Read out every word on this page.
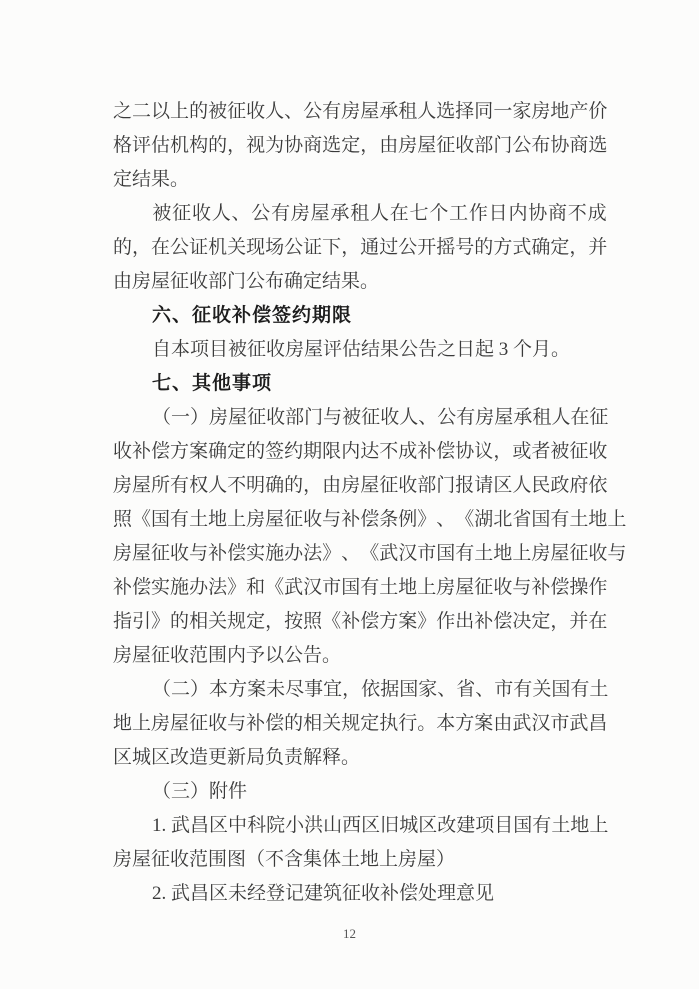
之 二 以 上 的 被 征 收 人 、 公 有 房 屋 承 租 人 选 择 同 一 家 房 地 产 价
格 评 估 机 构 的 ， 视 为 协 商 选 定 ， 由 房 屋 征 收 部 门 公 布 协 商 选
定结果。
被 征 收 人 、 公 有 房 屋 承 租 人 在 七 个 工 作 日 内 协 商 不 成
的 ， 在 公 证 机 关 现 场 公 证 下 ， 通 过 公 开 摇 号 的 方 式 确 定 ， 并
由房屋征收部门公布确定结果。
六、征收补偿签约期限
自本项目被征收房屋评估结果公告之日起 3 个月。
七、其他事项
（ 一 ） 房 屋 征 收 部 门 与 被 征 收 人 、 公 有 房 屋 承 租 人 在 征
收 补 偿 方 案 确 定 的 签 约 期 限 内 达 不 成 补 偿 协 议 ， 或 者 被 征 收
房 屋 所 有 权 人 不 明 确 的 ， 由 房 屋 征 收 部 门 报 请 区 人 民 政 府 依
照 《 国 有 土 地 上 房 屋 征 收 与 补 偿 条 例 》 、 《 湖 北 省 国 有 土 地 上
房 屋 征 收 与 补 偿 实 施 办 法 》 、 《 武 汉 市 国 有 土 地 上 房 屋 征 收 与
补 偿 实 施 办 法 》 和 《 武 汉 市 国 有 土 地 上 房 屋 征 收 与 补 偿 操 作
指 引 》 的 相 关 规 定 ， 按 照 《 补 偿 方 案 》 作 出 补 偿 决 定 ， 并 在
房屋征收范围内予以公告。
（ 二 ） 本 方 案 未 尽 事 宜 ， 依 据 国 家 、 省 、 市 有 关 国 有 土
地 上 房 屋 征 收 与 补 偿 的 相 关 规 定 执 行 。 本 方 案 由 武 汉 市 武 昌
区城区改造更新局负责解释。
（三）附件
1. 武 昌 区 中 科 院 小 洪 山 西 区 旧 城 区 改 建 项 目 国 有 土 地 上
房屋征收范围图（不含集体土地上房屋）
2. 武昌区未经登记建筑征收补偿处理意见
12
